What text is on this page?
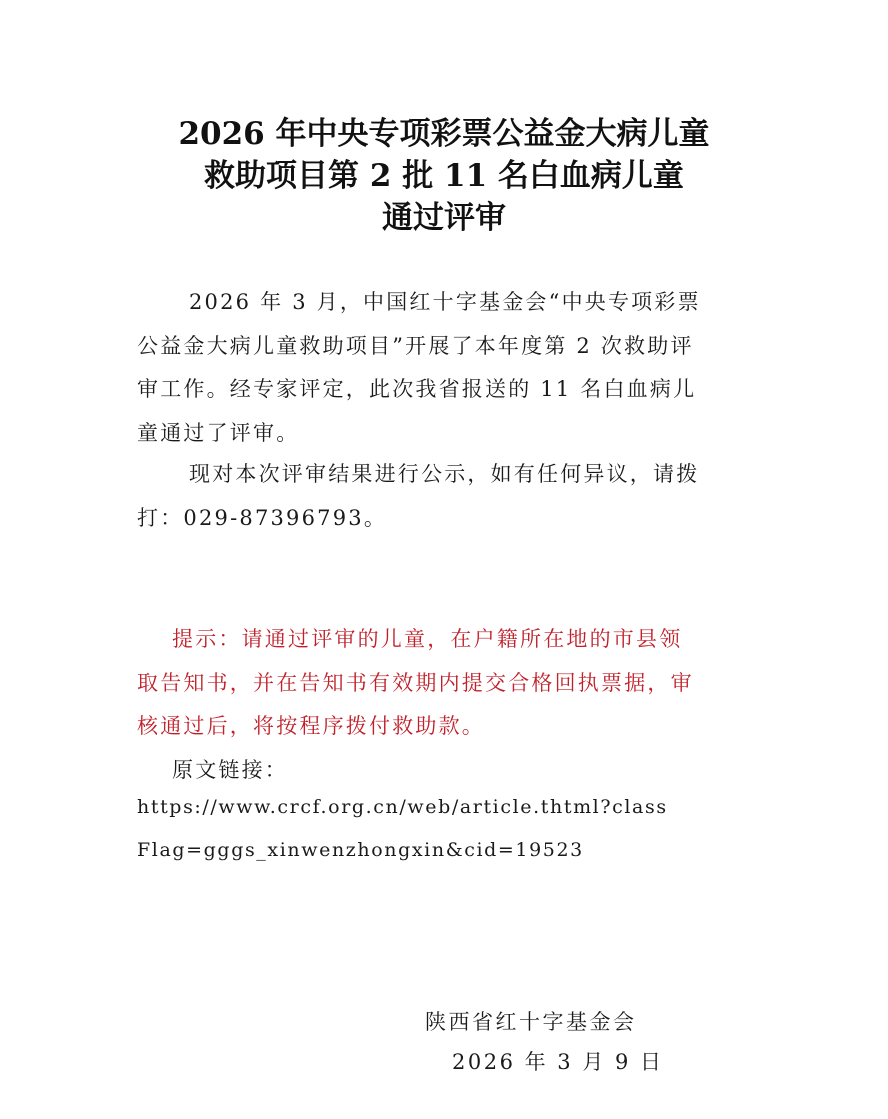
2026 年中央专项彩票公益金大病儿童
救助项目第 2 批 11 名白血病儿童
通过评审
2026 年 3 月，中国红十字基金会“中央专项彩票
公益金大病儿童救助项目”开展了本年度第 2 次救助评
审工作。经专家评定，此次我省报送的 11 名白血病儿
童通过了评审。
现对本次评审结果进行公示，如有任何异议，请拨
打：029-87396793。
提示：请通过评审的儿童，在户籍所在地的市县领
取告知书，并在告知书有效期内提交合格回执票据，审
核通过后，将按程序拨付救助款。
原文链接：
https://www.crcf.org.cn/web/article.thtml?class
Flag=gggs_xinwenzhongxin&cid=19523
陕西省红十字基金会
2026 年 3 月 9 日
